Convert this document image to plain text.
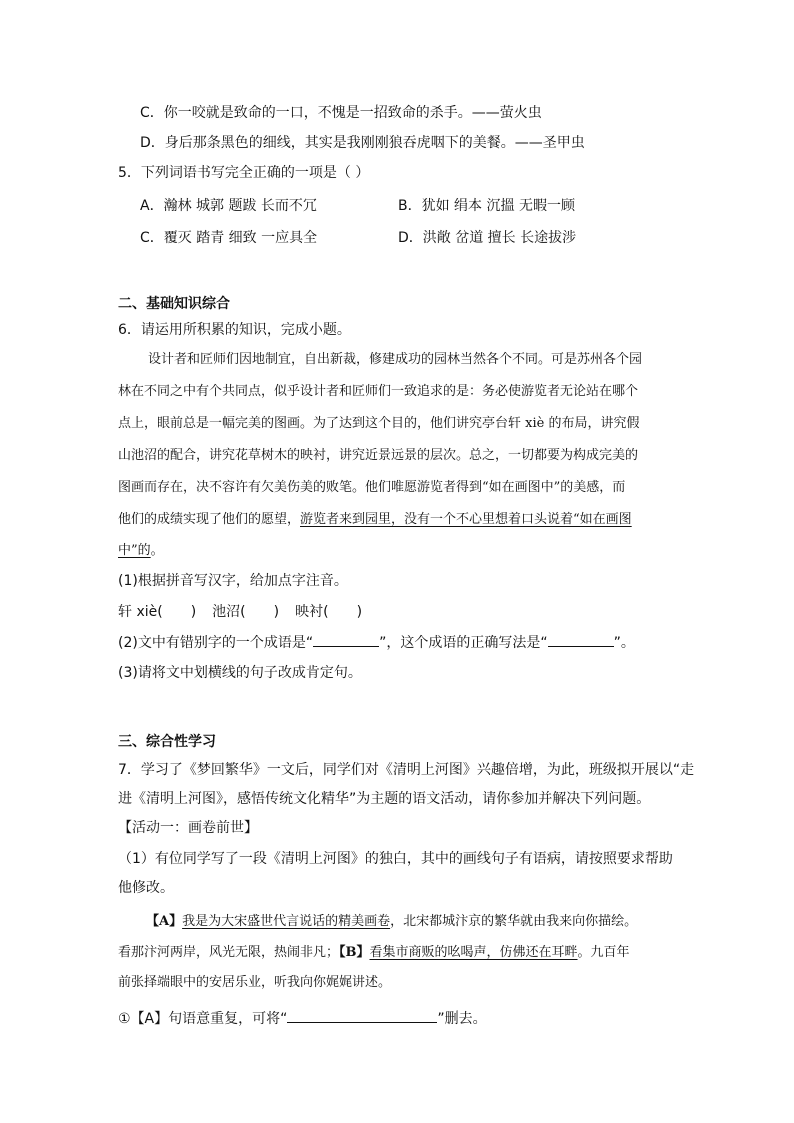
C．你一咬就是致命的一口，不愧是一招致命的杀手。——萤火虫
D．身后那条黑色的细线，其实是我刚刚狼吞虎咽下的美餐。——圣甲虫
5．下列词语书写完全正确的一项是（ ）
A．瀚林 城郭 题跋 长而不冗	B．犹如 绢本 沉搵 无暇一顾
C．覆灭 踏青 细致 一应具全	D．洪敞 岔道 擅长 长途拔涉
二、基础知识综合
6．请运用所积累的知识，完成小题。
设计者和匠师们因地制宜，自出新裁，修建成功的园林当然各个不同。可是苏州各个园
林在不同之中有个共同点，似乎设计者和匠师们一致追求的是：务必使游览者无论站在哪个
点上，眼前总是一幅完美的图画。为了达到这个目的，他们讲究亭台轩 xiè 的布局，讲究假
山池沼的配合，讲究花草树木的映衬，讲究近景远景的层次。总之，一切都要为构成完美的
图画而存在，决不容许有欠美伤美的败笔。他们唯愿游览者得到“如在画图中”的美感，而
他们的成绩实现了他们的愿望，游览者来到园里，没有一个不心里想着口头说着“如在画图
中”的。
(1)根据拼音写汉字，给加点字注音。
轩 xiè( ) 池沼( ) 映衬( )
(2)文中有错别字的一个成语是“	”，这个成语的正确写法是“	”。
(3)请将文中划横线的句子改成肯定句。
三、综合性学习
7．学习了《梦回繁华》一文后，同学们对《清明上河图》兴趣倍增，为此，班级拟开展以“走
进《清明上河图》，感悟传统文化精华”为主题的语文活动，请你参加并解决下列问题。
【活动一：画卷前世】
（1）有位同学写了一段《清明上河图》的独白，其中的画线句子有语病，请按照要求帮助
他修改。
【A】我是为大宋盛世代言说话的精美画卷，北宋都城汴京的繁华就由我来向你描绘。
看那汴河两岸，风光无限，热闹非凡；【B】看集市商贩的吆喝声，仿佛还在耳畔。九百年
前张择端眼中的安居乐业，听我向你娓娓讲述。
①【A】句语意重复，可将“	”删去。
